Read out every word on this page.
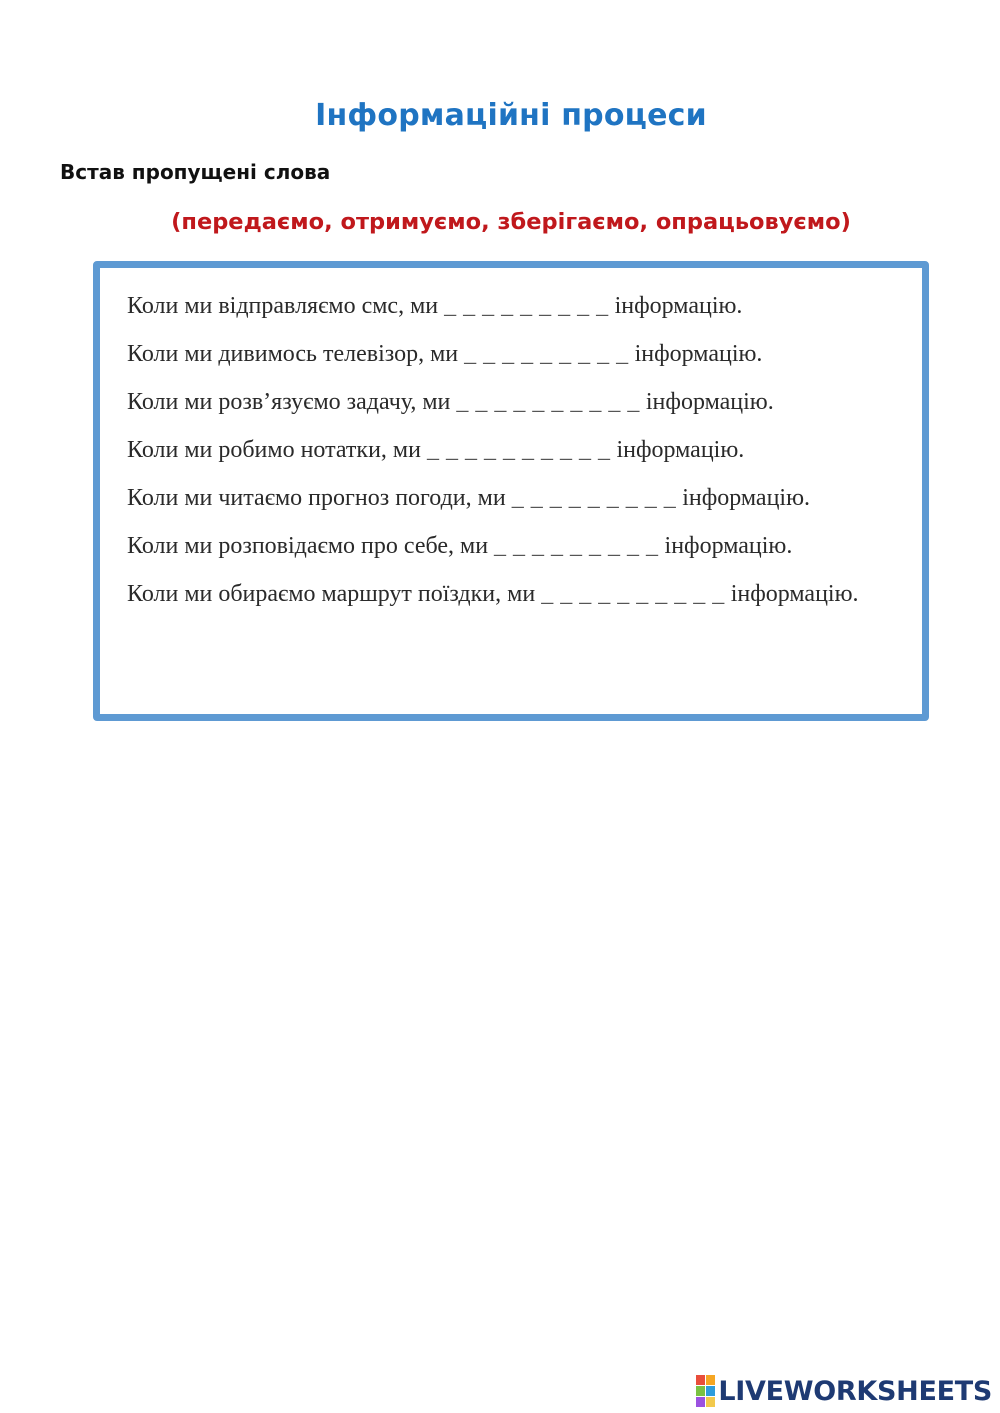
Інформаційні процеси
Встав пропущені слова
(передаємо, отримуємо, зберігаємо, опрацьовуємо)
Коли ми відправляємо смс, ми _ _ _ _ _ _ _ _ _ інформацію.
Коли ми дивимось телевізор, ми _ _ _ _ _ _ _ _ _ інформацію.
Коли ми розв’язуємо задачу, ми _ _ _ _ _ _ _ _ _ _ інформацію.
Коли ми робимо нотатки, ми _ _ _ _ _ _ _ _ _ _ інформацію.
Коли ми читаємо прогноз погоди, ми _ _ _ _ _ _ _ _ _ інформацію.
Коли ми розповідаємо про себе, ми _ _ _ _ _ _ _ _ _ інформацію.
Коли ми обираємо маршрут поїздки, ми _ _ _ _ _ _ _ _ _ _ інформацію.
LIVEWORKSHEETS
